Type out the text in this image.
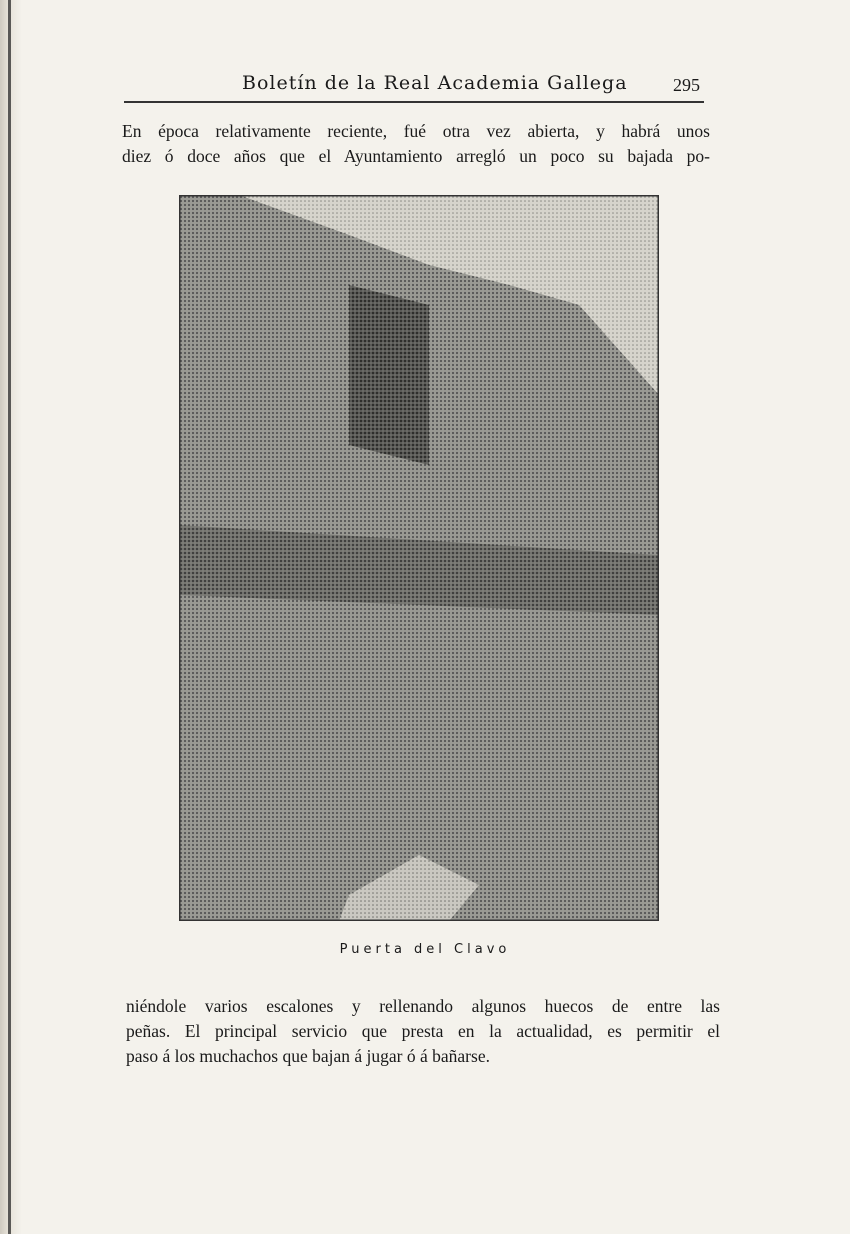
Boletín de la Real Academia Gallega	295
En época relativamente reciente, fué otra vez abierta, y habrá unos
diez ó doce años que el Ayuntamiento arregló un poco su bajada po-
Puerta del Clavo
niéndole varios escalones y rellenando algunos huecos de entre las
peñas. El principal servicio que presta en la actualidad, es permitir el
paso á los muchachos que bajan á jugar ó á bañarse.
